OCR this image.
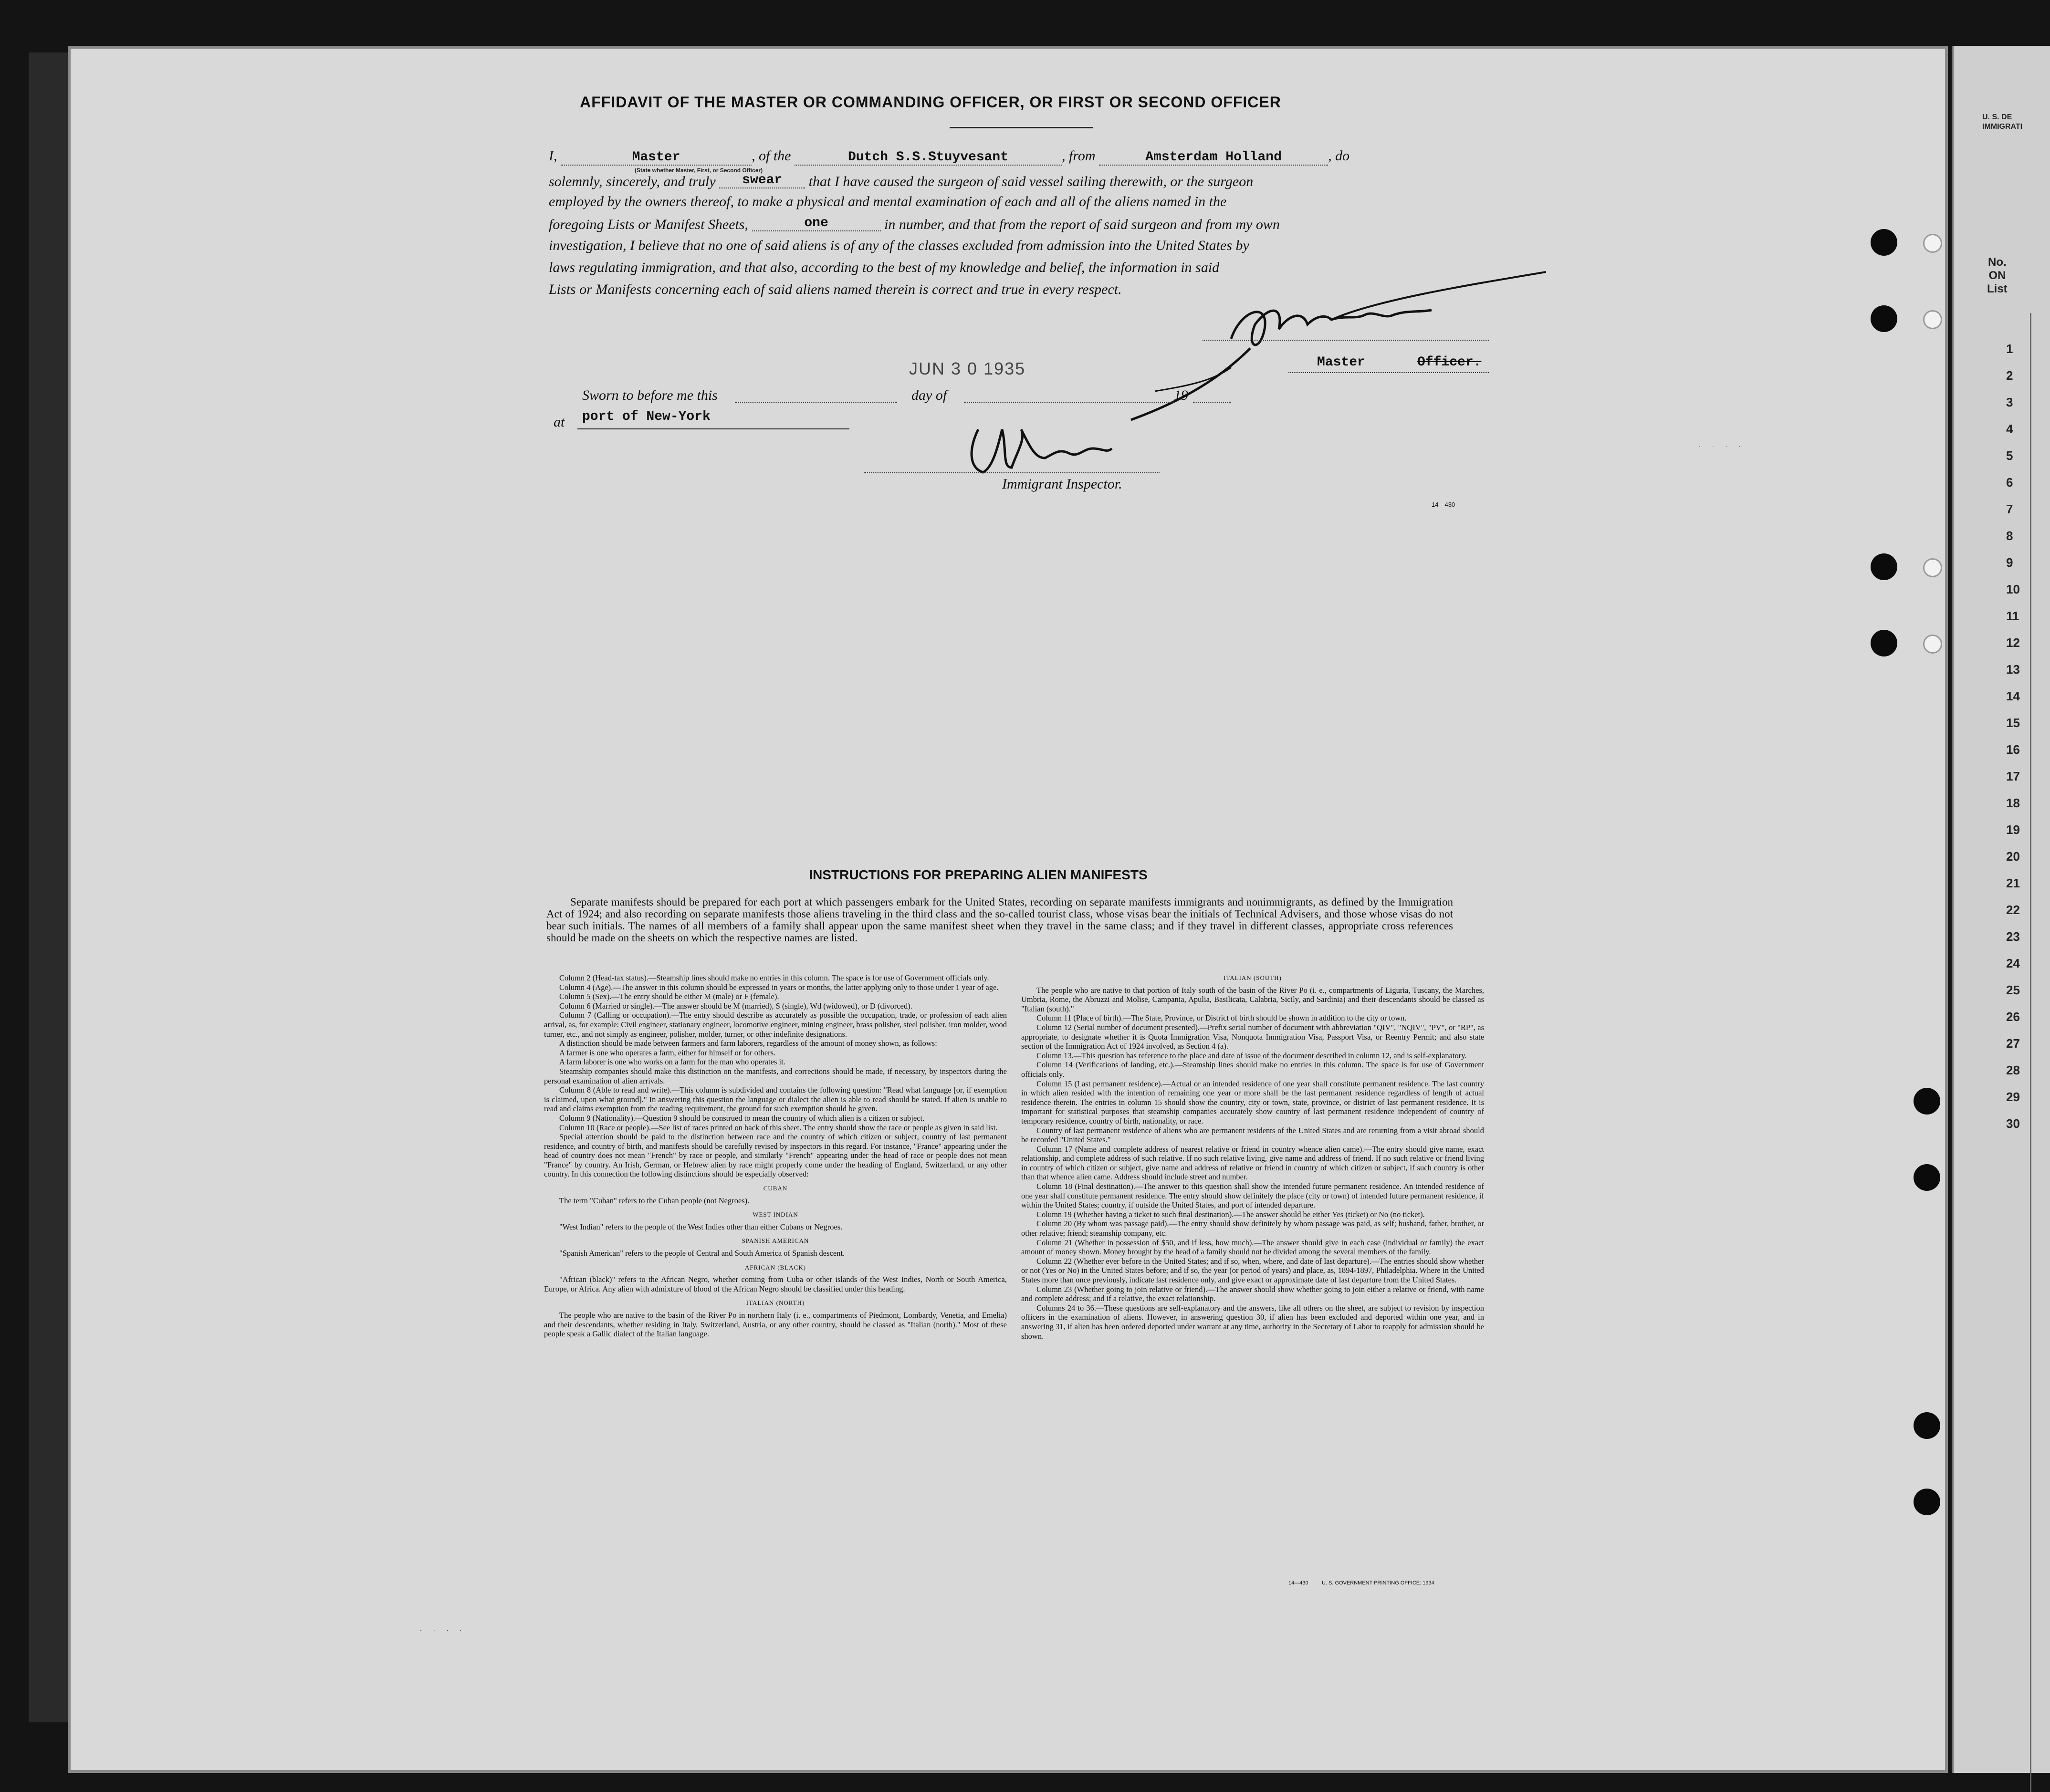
U. S. DE
IMMIGRATI
No.
ON
List
1
2
3
4
5
6
7
8
9
10
11
12
13
14
15
16
17
18
19
20
21
22
23
24
25
26
27
28
29
30
AFFIDAVIT OF THE MASTER OR COMMANDING OFFICER, OR FIRST OR SECOND OFFICER
I,	Master	, of the	Dutch S.S.Stuyvesant	, from	Amsterdam Holland	, do
(State whether Master, First, or Second Officer)
solemnly, sincerely, and truly swear that I have caused the surgeon of said vessel sailing therewith, or the surgeon
employed by the owners thereof, to make a physical and mental examination of each and all of the aliens named in the
foregoing Lists or Manifest Sheets,	one	in number, and that from the report of said surgeon and from my own
investigation, I believe that no one of said aliens is of any of the classes excluded from admission into the United States by
laws regulating immigration, and that also, according to the best of my knowledge and belief, the information in said
Lists or Manifests concerning each of said aliens named therein is correct and true in every respect.
Master	Officer.
JUN 3 0 1935
Sworn to before me this	day of	19
at port of New-York
Immigrant Inspector.
14—430
. . . .
INSTRUCTIONS FOR PREPARING ALIEN MANIFESTS
Separate manifests should be prepared for each port at which passengers embark for the United States, recording on separate manifests immigrants and nonimmigrants, as defined by the Immigration Act of 1924; and also recording on separate manifests those aliens traveling in the third class and the so-called tourist class, whose visas bear the initials of Technical Advisers, and those whose visas do not bear such initials. The names of all members of a family shall appear upon the same manifest sheet when they travel in the same class; and if they travel in different classes, appropriate cross references should be made on the sheets on which the respective names are listed.

Column 2 (Head-tax status).—Steamship lines should make no entries in this column. The space is for use of Government officials only.

Column 4 (Age).—The answer in this column should be expressed in years or months, the latter applying only to those under 1 year of age.

Column 5 (Sex).—The entry should be either M (male) or F (female).

Column 6 (Married or single).—The answer should be M (married), S (single), Wd (widowed), or D (divorced).

Column 7 (Calling or occupation).—The entry should describe as accurately as possible the occupation, trade, or profession of each alien arrival, as, for example: Civil engineer, stationary engineer, locomotive engineer, mining engineer, brass polisher, steel polisher, iron molder, wood turner, etc., and not simply as engineer, polisher, molder, turner, or other indefinite designations.

A distinction should be made between farmers and farm laborers, regardless of the amount of money shown, as follows:

A farmer is one who operates a farm, either for himself or for others.

A farm laborer is one who works on a farm for the man who operates it.

Steamship companies should make this distinction on the manifests, and corrections should be made, if necessary, by inspectors during the personal examination of alien arrivals.

Column 8 (Able to read and write).—This column is subdivided and contains the following question: "Read what language [or, if exemption is claimed, upon what ground]." In answering this question the language or dialect the alien is able to read should be stated. If alien is unable to read and claims exemption from the reading requirement, the ground for such exemption should be given.

Column 9 (Nationality).—Question 9 should be construed to mean the country of which alien is a citizen or subject.

Column 10 (Race or people).—See list of races printed on back of this sheet. The entry should show the race or people as given in said list.

Special attention should be paid to the distinction between race and the country of which citizen or subject, country of last permanent residence, and country of birth, and manifests should be carefully revised by inspectors in this regard. For instance, "France" appearing under the head of country does not mean "French" by race or people, and similarly "French" appearing under the head of race or people does not mean "France" by country. An Irish, German, or Hebrew alien by race might properly come under the heading of England, Switzerland, or any other country. In this connection the following distinctions should be especially observed:

CUBAN

The term "Cuban" refers to the Cuban people (not Negroes).

WEST INDIAN

"West Indian" refers to the people of the West Indies other than either Cubans or Negroes.

SPANISH AMERICAN

"Spanish American" refers to the people of Central and South America of Spanish descent.

AFRICAN (BLACK)

"African (black)" refers to the African Negro, whether coming from Cuba or other islands of the West Indies, North or South America, Europe, or Africa. Any alien with admixture of blood of the African Negro should be classified under this heading.

ITALIAN (NORTH)

The people who are native to the basin of the River Po in northern Italy (i. e., compartments of Piedmont, Lombardy, Venetia, and Emelia) and their descendants, whether residing in Italy, Switzerland, Austria, or any other country, should be classed as "Italian (north)." Most of these people speak a Gallic dialect of the Italian language.

ITALIAN (SOUTH)

The people who are native to that portion of Italy south of the basin of the River Po (i. e., compartments of Liguria, Tuscany, the Marches, Umbria, Rome, the Abruzzi and Molise, Campania, Apulia, Basilicata, Calabria, Sicily, and Sardinia) and their descendants should be classed as "Italian (south)."

Column 11 (Place of birth).—The State, Province, or District of birth should be shown in addition to the city or town.

Column 12 (Serial number of document presented).—Prefix serial number of document with abbreviation "QIV", "NQIV", "PV", or "RP", as appropriate, to designate whether it is Quota Immigration Visa, Nonquota Immigration Visa, Passport Visa, or Reentry Permit; and also state section of the Immigration Act of 1924 involved, as Section 4 (a).

Column 13.—This question has reference to the place and date of issue of the document described in column 12, and is self-explanatory.

Column 14 (Verifications of landing, etc.).—Steamship lines should make no entries in this column. The space is for use of Government officials only.

Column 15 (Last permanent residence).—Actual or an intended residence of one year shall constitute permanent residence. The last country in which alien resided with the intention of remaining one year or more shall be the last permanent residence regardless of length of actual residence therein. The entries in column 15 should show the country, city or town, state, province, or district of last permanent residence. It is important for statistical purposes that steamship companies accurately show country of last permanent residence independent of country of temporary residence, country of birth, nationality, or race.

Country of last permanent residence of aliens who are permanent residents of the United States and are returning from a visit abroad should be recorded "United States."

Column 17 (Name and complete address of nearest relative or friend in country whence alien came).—The entry should give name, exact relationship, and complete address of such relative. If no such relative living, give name and address of friend. If no such relative or friend living in country of which citizen or subject, give name and address of relative or friend in country of which citizen or subject, if such country is other than that whence alien came. Address should include street and number.

Column 18 (Final destination).—The answer to this question shall show the intended future permanent residence. An intended residence of one year shall constitute permanent residence. The entry should show definitely the place (city or town) of intended future permanent residence, if within the United States; country, if outside the United States, and port of intended departure.

Column 19 (Whether having a ticket to such final destination).—The answer should be either Yes (ticket) or No (no ticket).

Column 20 (By whom was passage paid).—The entry should show definitely by whom passage was paid, as self; husband, father, brother, or other relative; friend; steamship company, etc.

Column 21 (Whether in possession of $50, and if less, how much).—The answer should give in each case (individual or family) the exact amount of money shown. Money brought by the head of a family should not be divided among the several members of the family.

Column 22 (Whether ever before in the United States; and if so, when, where, and date of last departure).—The entries should show whether or not (Yes or No) in the United States before; and if so, the year (or period of years) and place, as, 1894-1897, Philadelphia. Where in the United States more than once previously, indicate last residence only, and give exact or approximate date of last departure from the United States.

Column 23 (Whether going to join relative or friend).—The answer should show whether going to join either a relative or friend, with name and complete address; and if a relative, the exact relationship.

Columns 24 to 36.—These questions are self-explanatory and the answers, like all others on the sheet, are subject to revision by inspection officers in the examination of aliens. However, in answering question 30, if alien has been excluded and deported within one year, and in answering 31, if alien has been ordered deported under warrant at any time, authority in the Secretary of Labor to reapply for admission should be shown.

14—430	U. S. GOVERNMENT PRINTING OFFICE: 1934
. . . .
